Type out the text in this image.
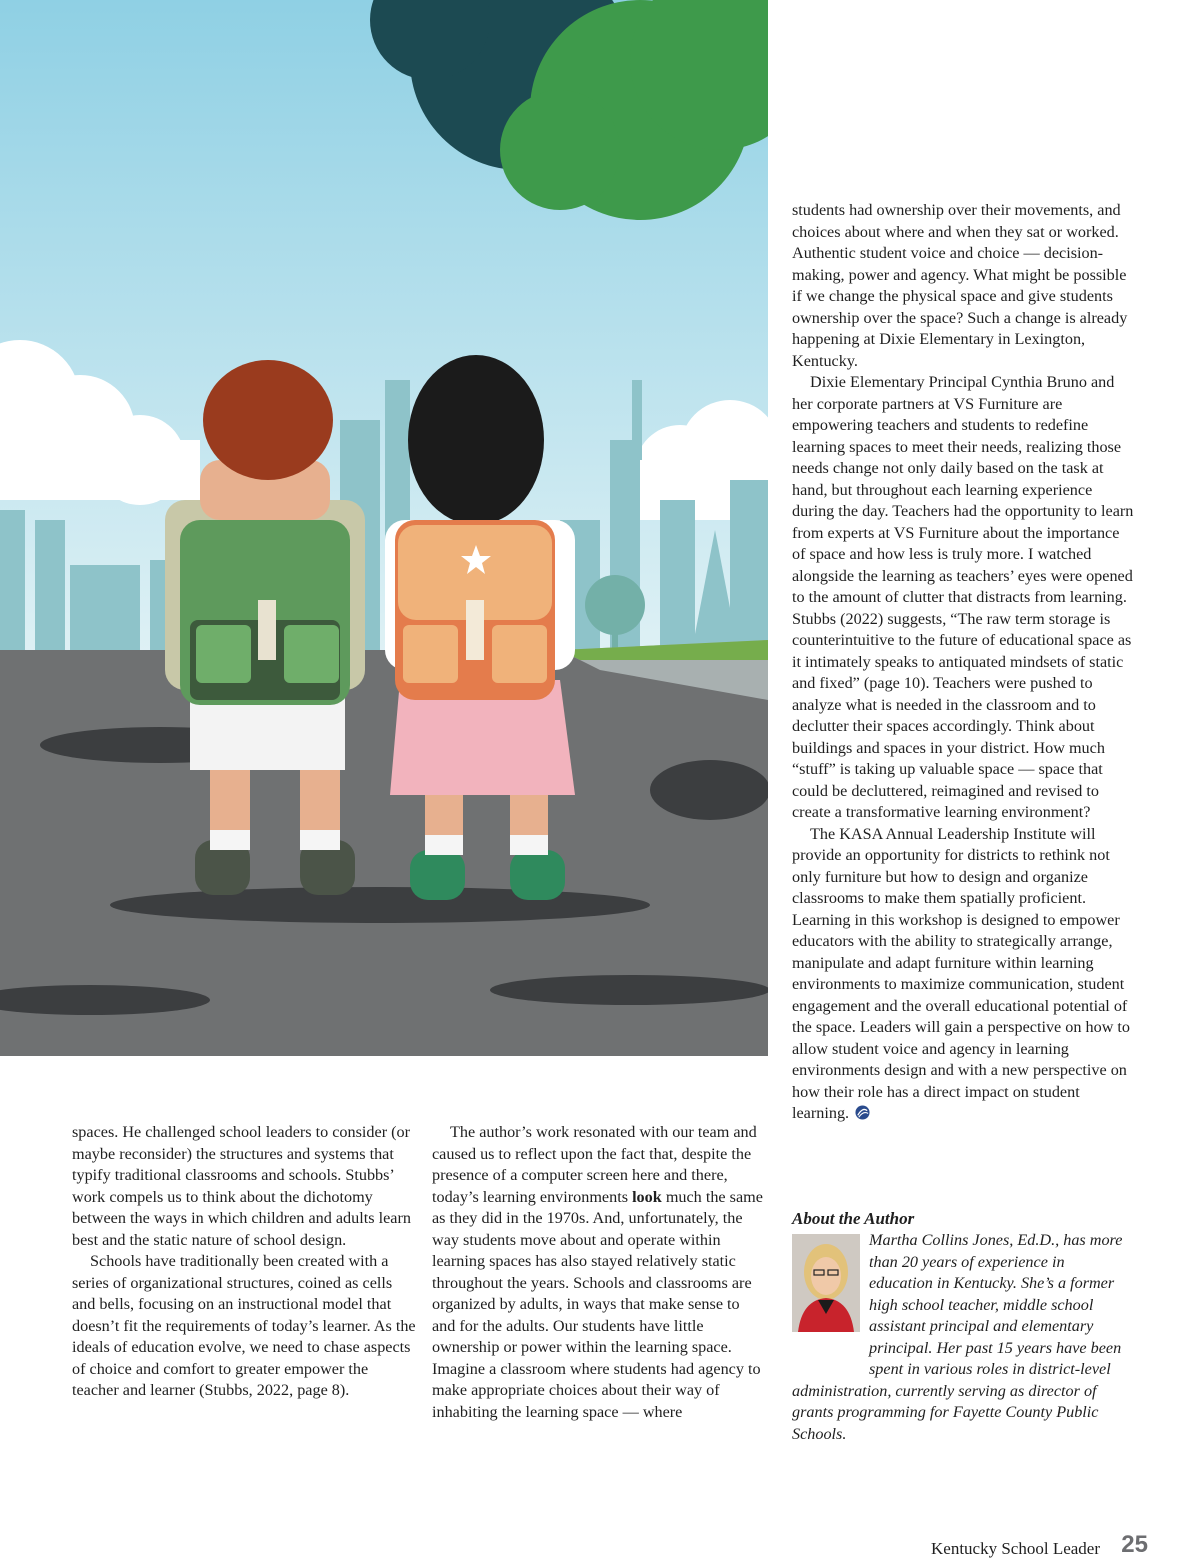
spaces. He challenged school leaders to consider (or maybe reconsider) the structures and systems that typify traditional classrooms and schools. Stubbs’ work compels us to think about the dichotomy between the ways in which children and adults learn best and the static nature of school design.

Schools have traditionally been created with a series of organizational structures, coined as cells and bells, focusing on an instructional model that doesn’t fit the requirements of today’s learner. As the ideals of education evolve, we need to chase aspects of choice and comfort to greater empower the teacher and learner (Stubbs, 2022, page 8).

The author’s work resonated with our team and caused us to reflect upon the fact that, despite the presence of a computer screen here and there, today’s learning environments look much the same as they did in the 1970s. And, unfortunately, the way students move about and operate within learning spaces has also stayed relatively static throughout the years. Schools and classrooms are organized by adults, in ways that make sense to and for the adults. Our students have little ownership or power within the learning space. Imagine a classroom where students had agency to make appropriate choices about their way of inhabiting the learning space — where

students had ownership over their movements, and choices about where and when they sat or worked. Authentic student voice and choice — decision-making, power and agency. What might be possible if we change the physical space and give students ownership over the space? Such a change is already happening at Dixie Elementary in Lexington, Kentucky.

Dixie Elementary Principal Cynthia Bruno and her corporate partners at VS Furniture are empowering teachers and students to redefine learning spaces to meet their needs, realizing those needs change not only daily based on the task at hand, but throughout each learning experience during the day. Teachers had the opportunity to learn from experts at VS Furniture about the importance of space and how less is truly more. I watched alongside the learning as teachers’ eyes were opened to the amount of clutter that distracts from learning. Stubbs (2022) suggests, “The raw term storage is counterintuitive to the future of educational space as it intimately speaks to antiquated mindsets of static and fixed” (page 10). Teachers were pushed to analyze what is needed in the classroom and to declutter their spaces accordingly. Think about buildings and spaces in your district. How much “stuff” is taking up valuable space — space that could be decluttered, reimagined and revised to create a transformative learning environment?

The KASA Annual Leadership Institute will provide an opportunity for districts to rethink not only furniture but how to design and organize classrooms to make them spatially proficient. Learning in this workshop is designed to empower educators with the ability to strategically arrange, manipulate and adapt furniture within learning environments to maximize communication, student engagement and the overall educational potential of the space. Leaders will gain a perspective on how to allow student voice and agency in learning environments design and with a new perspective on how their role has a direct impact on student learning.

About the Author

Martha Collins Jones, Ed.D., has more than 20 years of experience in education in Kentucky. She’s a former high school teacher, middle school assistant principal and elementary principal. Her past 15 years have been spent in various roles in district-level administration, currently serving as director of grants programming for Fayette County Public Schools.

Kentucky School Leader 25
